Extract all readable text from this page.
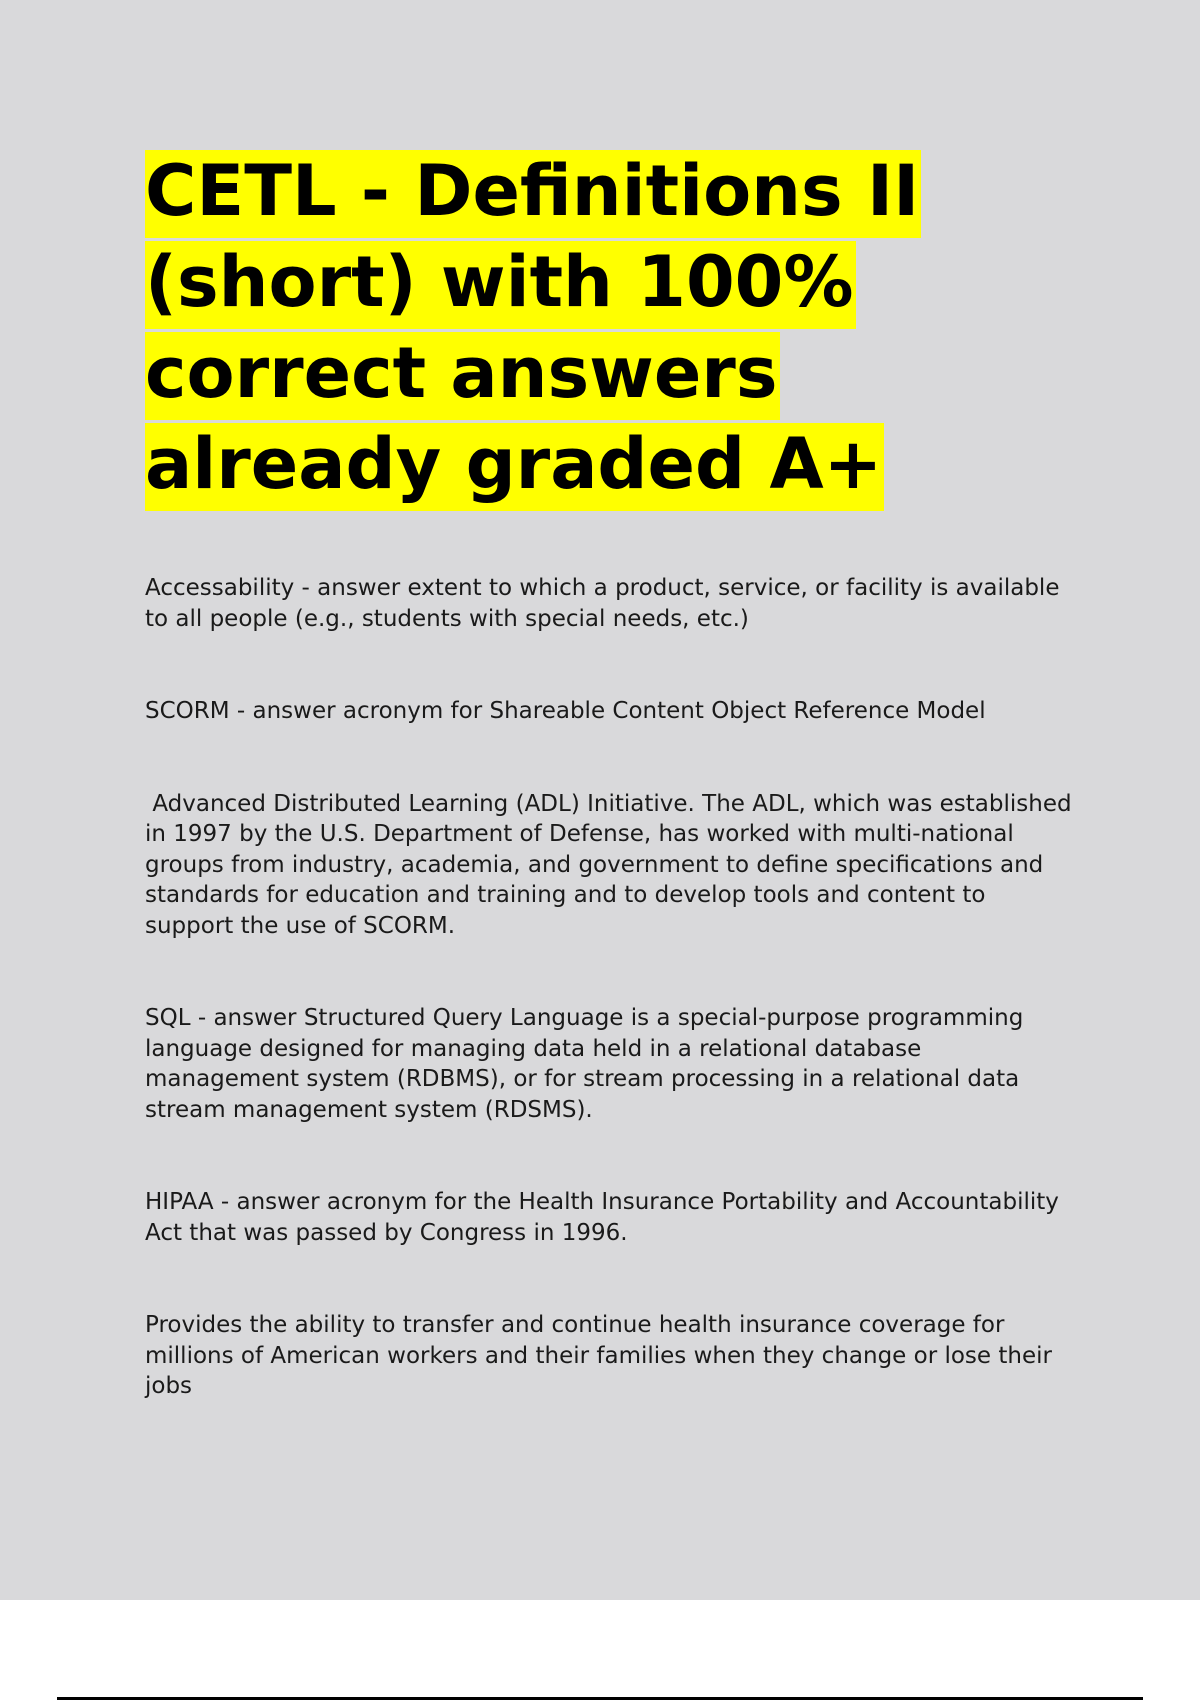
CETL - Definitions II (short) with 100% correct answers already graded A+

Accessability - answer extent to which a product, service, or facility is available to all people (e.g., students with special needs, etc.)

SCORM - answer acronym for Shareable Content Object Reference Model

Advanced Distributed Learning (ADL) Initiative. The ADL, which was established in 1997 by the U.S. Department of Defense, has worked with multi-national groups from industry, academia, and government to define specifications and standards for education and training and to develop tools and content to support the use of SCORM.

SQL - answer Structured Query Language is a special-purpose programming language designed for managing data held in a relational database management system (RDBMS), or for stream processing in a relational data stream management system (RDSMS).

HIPAA - answer acronym for the Health Insurance Portability and Accountability Act that was passed by Congress in 1996.

Provides the ability to transfer and continue health insurance coverage for millions of American workers and their families when they change or lose their jobs
